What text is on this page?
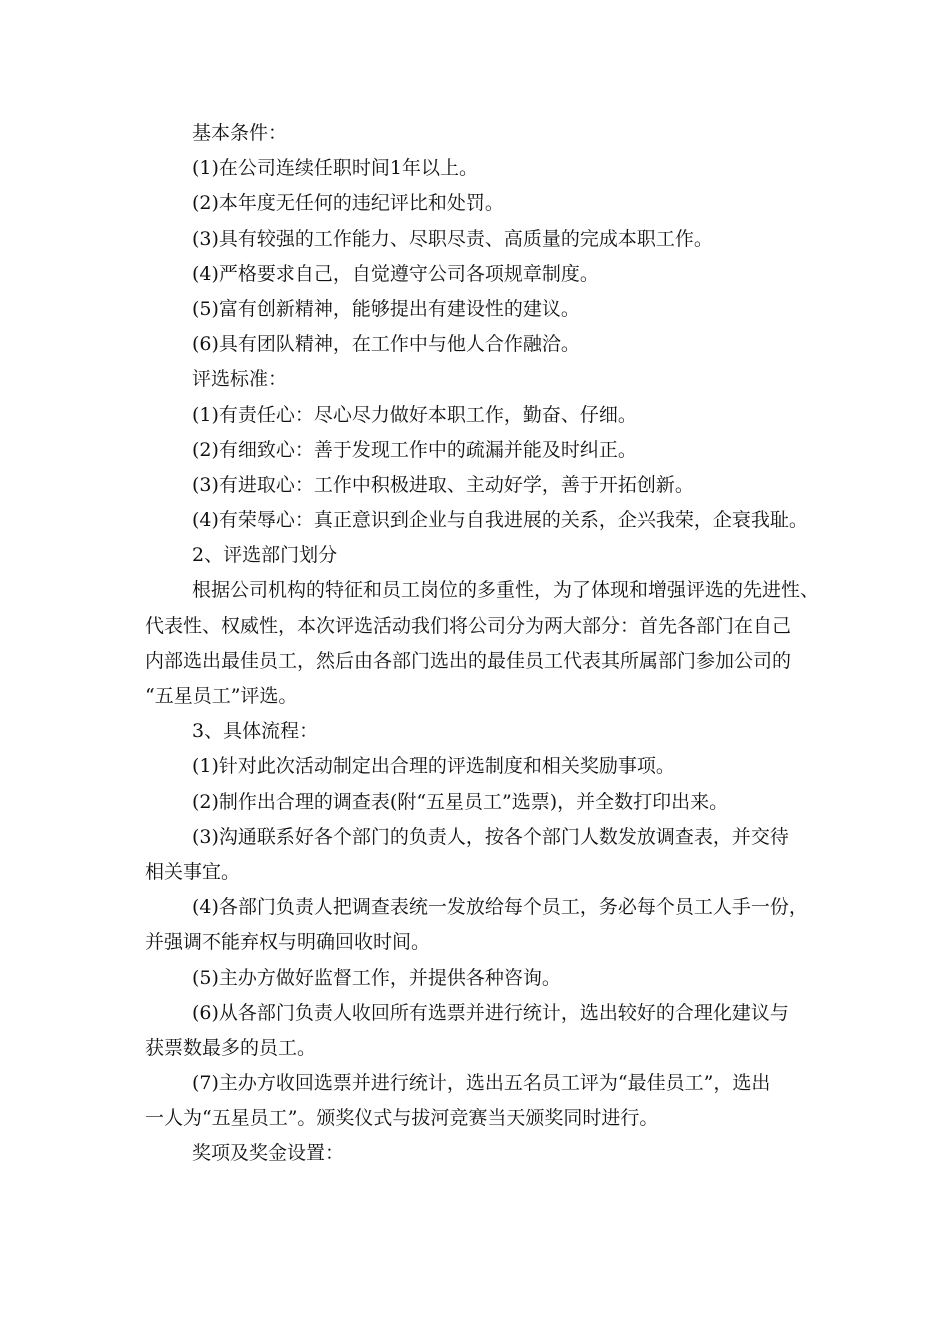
基本条件：
(1)在公司连续任职时间1年以上。
(2)本年度无任何的违纪评比和处罚。
(3)具有较强的工作能力、尽职尽责、高质量的完成本职工作。
(4)严格要求自己，自觉遵守公司各项规章制度。
(5)富有创新精神，能够提出有建设性的建议。
(6)具有团队精神，在工作中与他人合作融洽。
评选标准：
(1)有责任心：尽心尽力做好本职工作，勤奋、仔细。
(2)有细致心：善于发现工作中的疏漏并能及时纠正。
(3)有进取心：工作中积极进取、主动好学，善于开拓创新。
(4)有荣辱心：真正意识到企业与自我进展的关系，企兴我荣，企衰我耻。
2、评选部门划分
根据公司机构的特征和员工岗位的多重性，为了体现和增强评选的先进性、
代表性、权威性，本次评选活动我们将公司分为两大部分：首先各部门在自己
内部选出最佳员工，然后由各部门选出的最佳员工代表其所属部门参加公司的
“五星员工”评选。
3、具体流程：
(1)针对此次活动制定出合理的评选制度和相关奖励事项。
(2)制作出合理的调查表(附“五星员工”选票)，并全数打印出来。
(3)沟通联系好各个部门的负责人，按各个部门人数发放调查表，并交待
相关事宜。
(4)各部门负责人把调查表统一发放给每个员工，务必每个员工人手一份，
并强调不能弃权与明确回收时间。
(5)主办方做好监督工作，并提供各种咨询。
(6)从各部门负责人收回所有选票并进行统计，选出较好的合理化建议与
获票数最多的员工。
(7)主办方收回选票并进行统计，选出五名员工评为“最佳员工”，选出
一人为“五星员工”。颁奖仪式与拔河竞赛当天颁奖同时进行。
奖项及奖金设置：
